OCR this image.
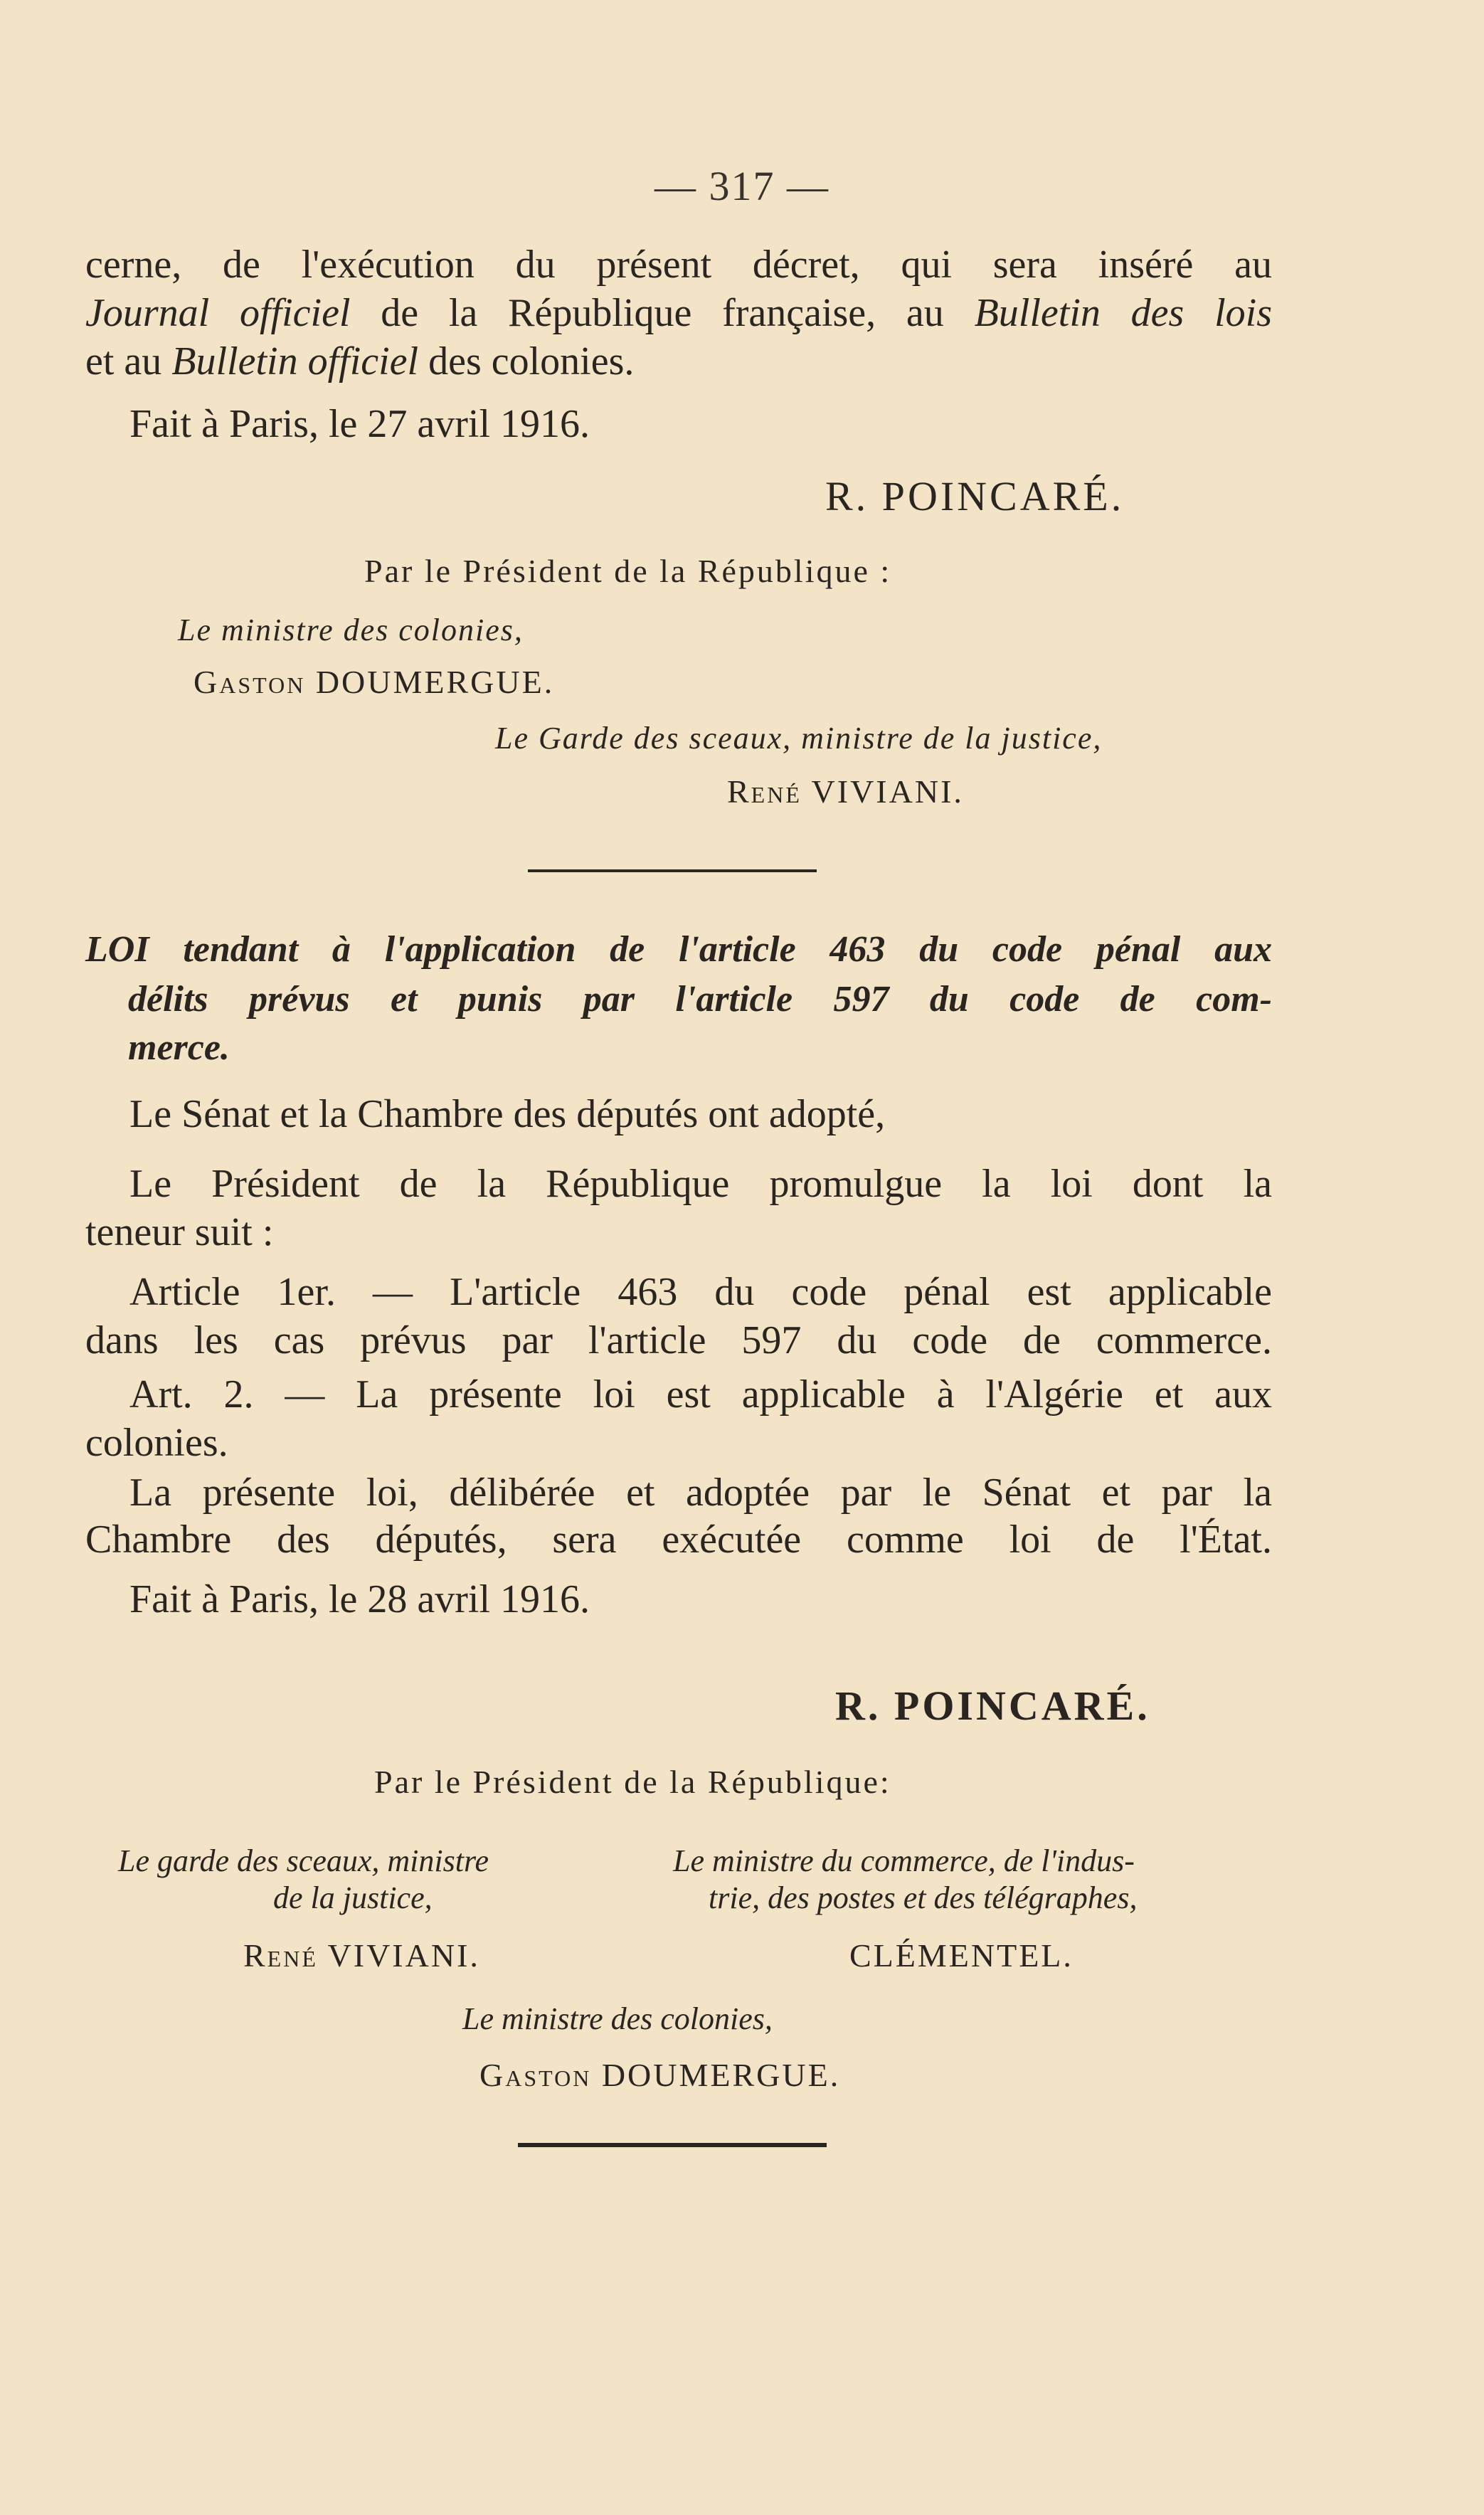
— 317 —
cerne, de l'exécution du présent décret, qui sera inséré au
Journal officiel de la République française, au Bulletin des lois
et au Bulletin officiel des colonies.
Fait à Paris, le 27 avril 1916.
R. POINCARÉ.
Par le Président de la République :
Le ministre des colonies,
Gaston DOUMERGUE.
Le Garde des sceaux, ministre de la justice,
René VIVIANI.
LOI tendant à l'application de l'article 463 du code pénal aux
délits prévus et punis par l'article 597 du code de com-
merce.
Le Sénat et la Chambre des députés ont adopté,
Le Président de la République promulgue la loi dont la
teneur suit :
Article 1er. — L'article 463 du code pénal est applicable
dans les cas prévus par l'article 597 du code de commerce.
Art. 2. — La présente loi est applicable à l'Algérie et aux
colonies.
La présente loi, délibérée et adoptée par le Sénat et par la
Chambre des députés, sera exécutée comme loi de l'État.
Fait à Paris, le 28 avril 1916.
R. POINCARÉ.
Par le Président de la République:
Le garde des sceaux, ministre
de la justice,
René VIVIANI.
Le ministre du commerce, de l'indus-
trie, des postes et des télégraphes,
CLÉMENTEL.
Le ministre des colonies,
Gaston DOUMERGUE.
